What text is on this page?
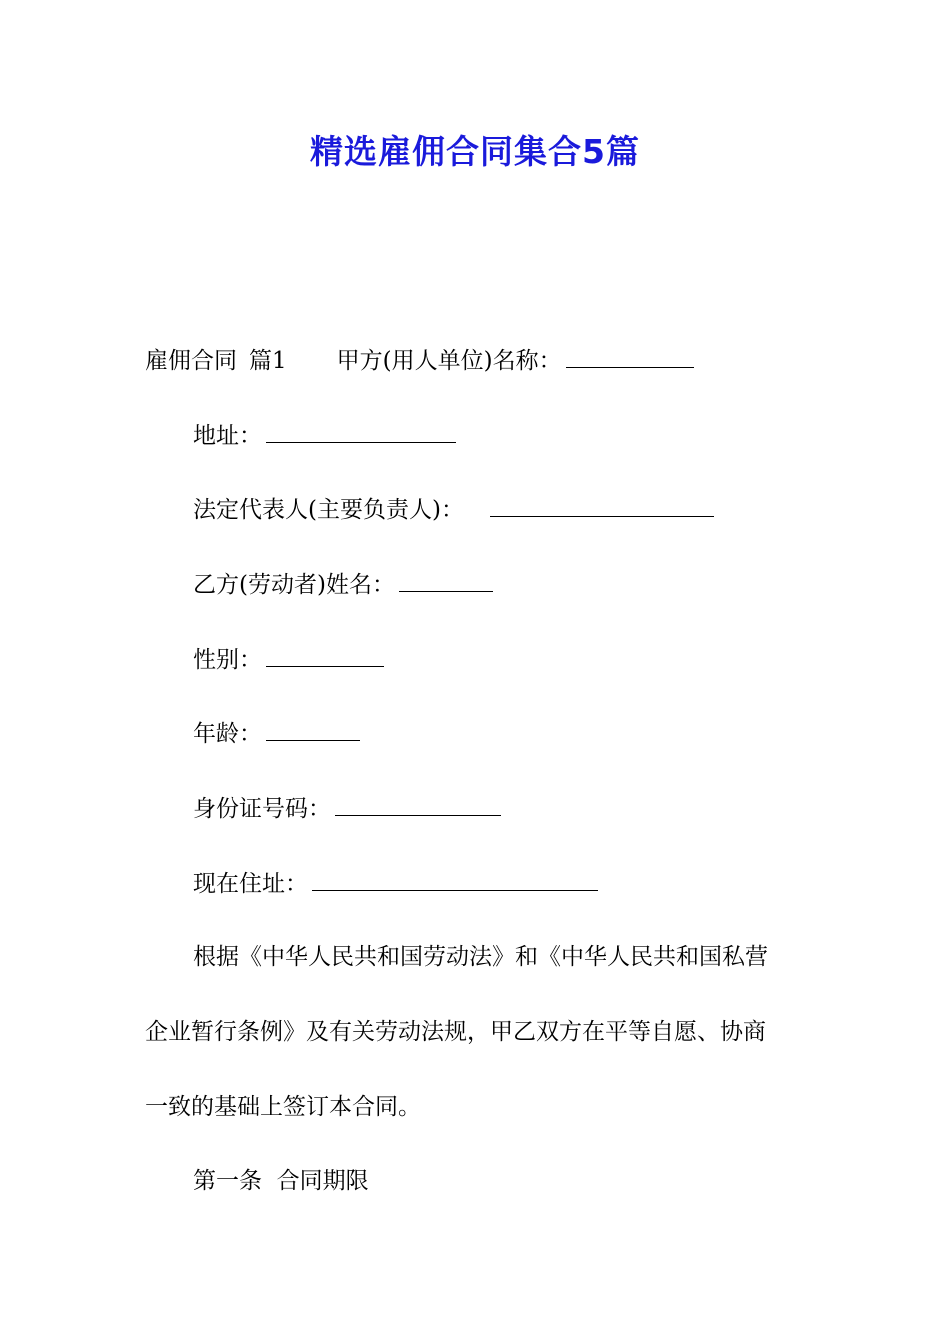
精选雇佣合同集合5篇
雇佣合同 篇1 甲方(用人单位)名称：
地址：
法定代表人(主要负责人)：
乙方(劳动者)姓名：
性别：
年龄：
身份证号码：
现在住址：
根据《中华人民共和国劳动法》和《中华人民共和国私营
企业暂行条例》及有关劳动法规，甲乙双方在平等自愿、协商
一致的基础上签订本合同。
第一条  合同期限
